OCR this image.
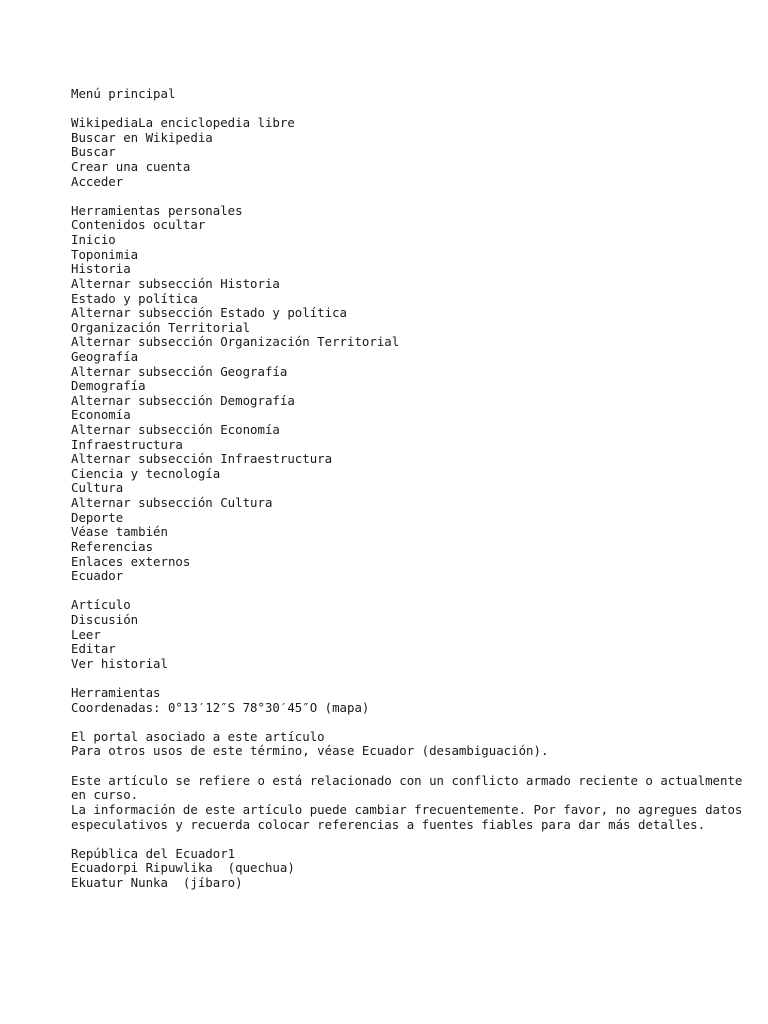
Menú principal
WikipediaLa enciclopedia libre
Buscar en Wikipedia
Buscar
Crear una cuenta
Acceder
Herramientas personales
Contenidos ocultar
Inicio
Toponimia
Historia
Alternar subsección Historia
Estado y política
Alternar subsección Estado y política
Organización Territorial
Alternar subsección Organización Territorial
Geografía
Alternar subsección Geografía
Demografía
Alternar subsección Demografía
Economía
Alternar subsección Economía
Infraestructura
Alternar subsección Infraestructura
Ciencia y tecnología
Cultura
Alternar subsección Cultura
Deporte
Véase también
Referencias
Enlaces externos
Ecuador
Artículo
Discusión
Leer
Editar
Ver historial
Herramientas
Coordenadas: 0°13′12″S 78°30′45″O (mapa)
El portal asociado a este artículo
Para otros usos de este término, véase Ecuador (desambiguación).
Este artículo se refiere o está relacionado con un conflicto armado reciente o actualmente en curso.
La información de este artículo puede cambiar frecuentemente. Por favor, no agregues datos especulativos y recuerda colocar referencias a fuentes fiables para dar más detalles.
República del Ecuador1
Ecuadorpi Ripuwlika  (quechua)
Ekuatur Nunka  (jíbaro)
